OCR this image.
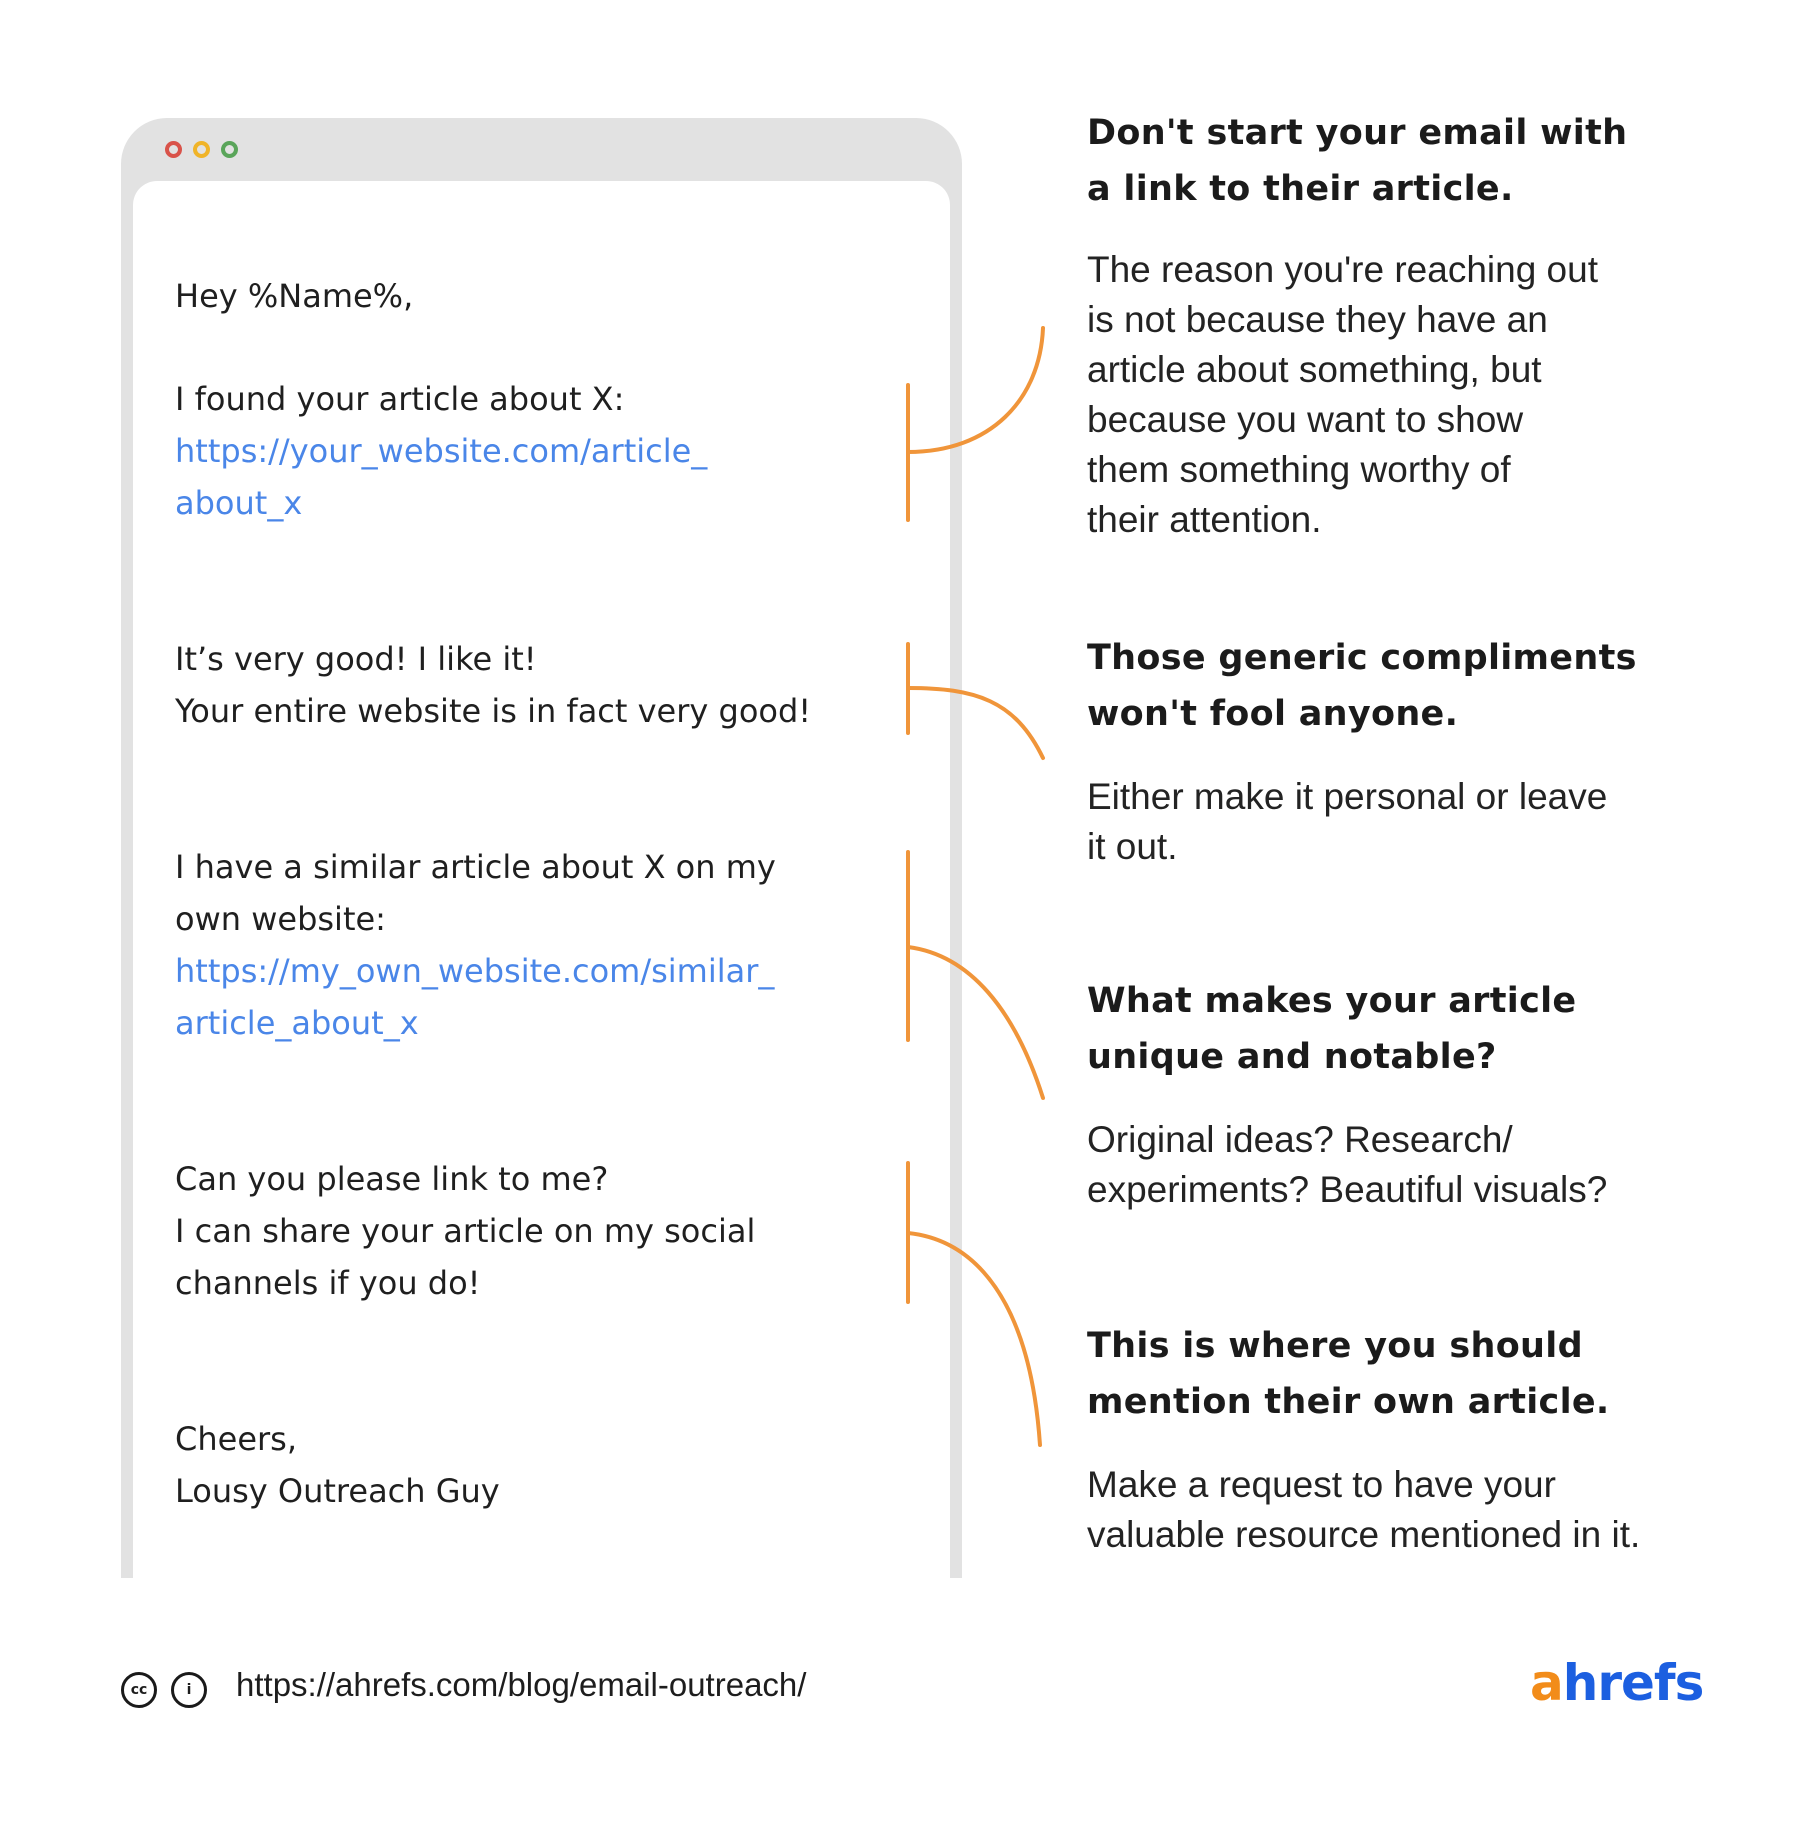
Hey %Name%,

I found your article about X:
https://your_website.com/article_
about_x
It’s very good! I like it!
Your entire website is in fact very good!
I have a similar article about X on my
own website:
https://my_own_website.com/similar_
article_about_x
Can you please link to me?
I can share your article on my social
channels if you do!
Cheers,
Lousy Outreach Guy
Don't start your email with
a link to their article.

The reason you're reaching out

is not because they have an

article about something, but

because you want to show

them something worthy of

their attention.

Those generic compliments
won't fool anyone.

Either make it personal or leave

it out.

What makes your article
unique and notable?

Original ideas? Research/

experiments? Beautiful visuals?

This is where you should
mention their own article.

Make a request to have your

valuable resource mentioned in it.

cc	i	https://ahrefs.com/blog/email-outreach/	ahrefs
